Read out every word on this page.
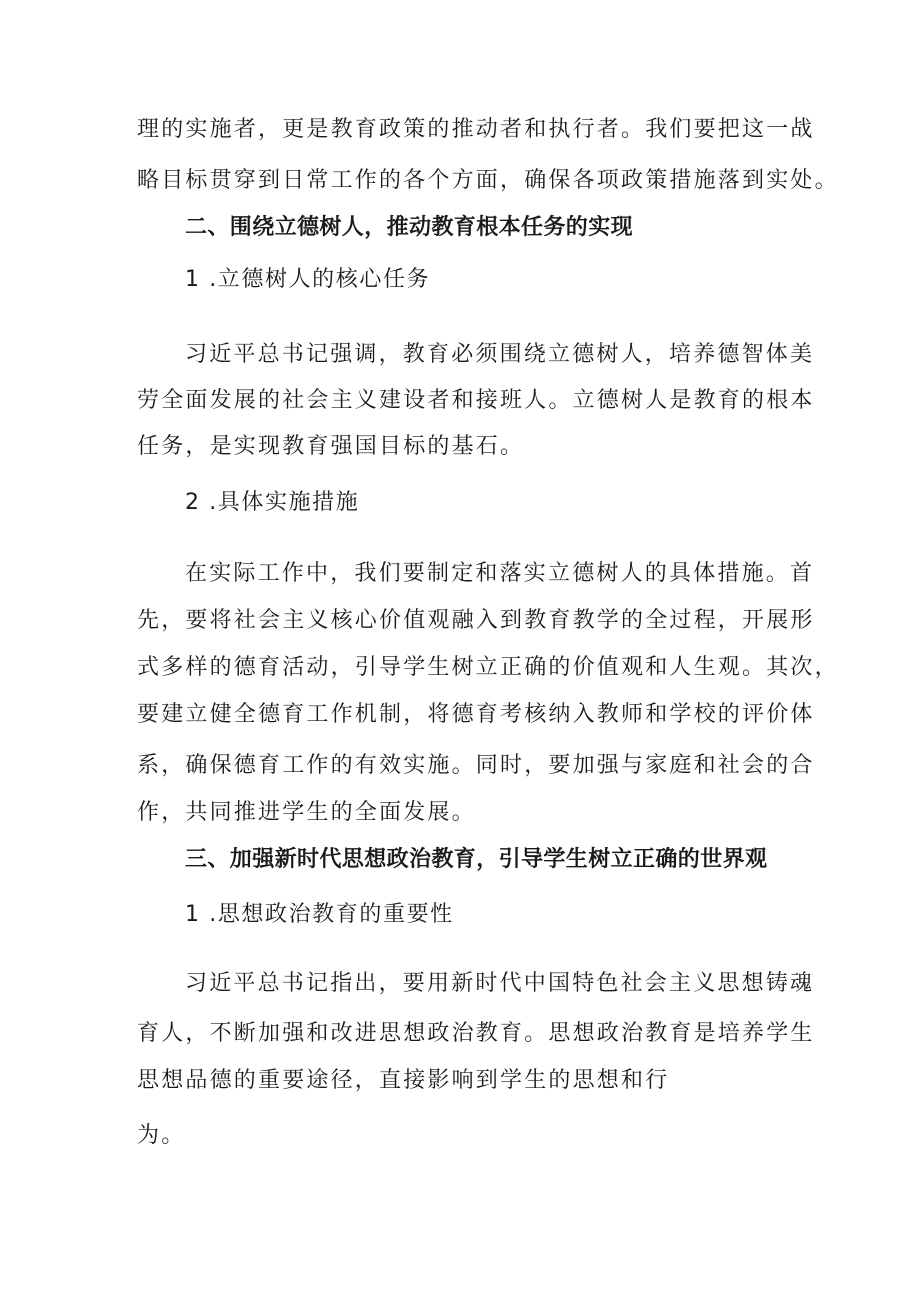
理的实施者，更是教育政策的推动者和执行者。我们要把这一战
略目标贯穿到日常工作的各个方面，确保各项政策措施落到实处。
二、围绕立德树人，推动教育根本任务的实现
1 .立德树人的核心任务
习近平总书记强调，教育必须围绕立德树人，培养德智体美
劳全面发展的社会主义建设者和接班人。立德树人是教育的根本
任务，是实现教育强国目标的基石。
2 .具体实施措施
在实际工作中，我们要制定和落实立德树人的具体措施。首
先，要将社会主义核心价值观融入到教育教学的全过程，开展形
式多样的德育活动，引导学生树立正确的价值观和人生观。其次，
要建立健全德育工作机制，将德育考核纳入教师和学校的评价体
系，确保德育工作的有效实施。同时，要加强与家庭和社会的合
作，共同推进学生的全面发展。
三、加强新时代思想政治教育，引导学生树立正确的世界观
1 .思想政治教育的重要性
习近平总书记指出，要用新时代中国特色社会主义思想铸魂
育人，不断加强和改进思想政治教育。思想政治教育是培养学生
思想品德的重要途径，直接影响到学生的思想和行
为。
